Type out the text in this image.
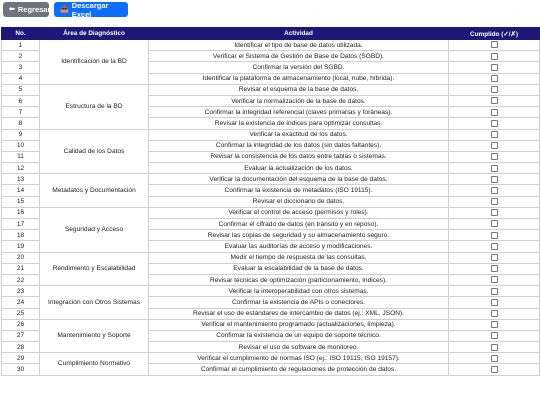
⬅ Regresar 📥 Descargar Excel
No.	Área de Diagnóstico	Actividad	Cumplido (✓/✗)
1	Identificación de la BD	Identificar el tipo de base de datos utilizada.	
2		Verificar el Sistema de Gestión de Base de Datos (SGBD).	
3		Confirmar la versión del SGBD.	
4		Identificar la plataforma de almacenamiento (local, nube, híbrida).	
5	Estructura de la BD	Revisar el esquema de la base de datos.	
6		Verificar la normalización de la base de datos.	
7		Confirmar la integridad referencial (claves primarias y foráneas).	
8		Revisar la existencia de índices para optimizar consultas.	
9	Calidad de los Datos	Verificar la exactitud de los datos.	
10		Confirmar la integridad de los datos (sin datos faltantes).	
11		Revisar la consistencia de los datos entre tablas o sistemas.	
12		Evaluar la actualización de los datos.	
13	Metadatos y Documentación	Verificar la documentación del esquema de la base de datos.	
14		Confirmar la existencia de metadatos (ISO 19115).	
15		Revisar el diccionario de datos.	
16	Seguridad y Acceso	Verificar el control de acceso (permisos y roles).	
17		Confirmar el cifrado de datos (en tránsito y en reposo).	
18		Revisar las copias de seguridad y su almacenamiento seguro.	
19		Evaluar las auditorías de acceso y modificaciones.	
20	Rendimiento y Escalabilidad	Medir el tiempo de respuesta de las consultas.	
21		Evaluar la escalabilidad de la base de datos.	
22		Revisar técnicas de optimización (particionamiento, índices).	
23	Integración con Otros Sistemas	Verificar la interoperabilidad con otros sistemas.	
24		Confirmar la existencia de APIs o conectores.	
25		Revisar el uso de estándares de intercambio de datos (ej.: XML, JSON).	
26	Mantenimiento y Soporte	Verificar el mantenimiento programado (actualizaciones, limpieza).	
27		Confirmar la existencia de un equipo de soporte técnico.	
28		Revisar el uso de software de monitoreo.	
29	Cumplimiento Normativo	Verificar el cumplimiento de normas ISO (ej.: ISO 19115, ISO 19157).	
30		Confirmar el cumplimiento de regulaciones de protección de datos.	
